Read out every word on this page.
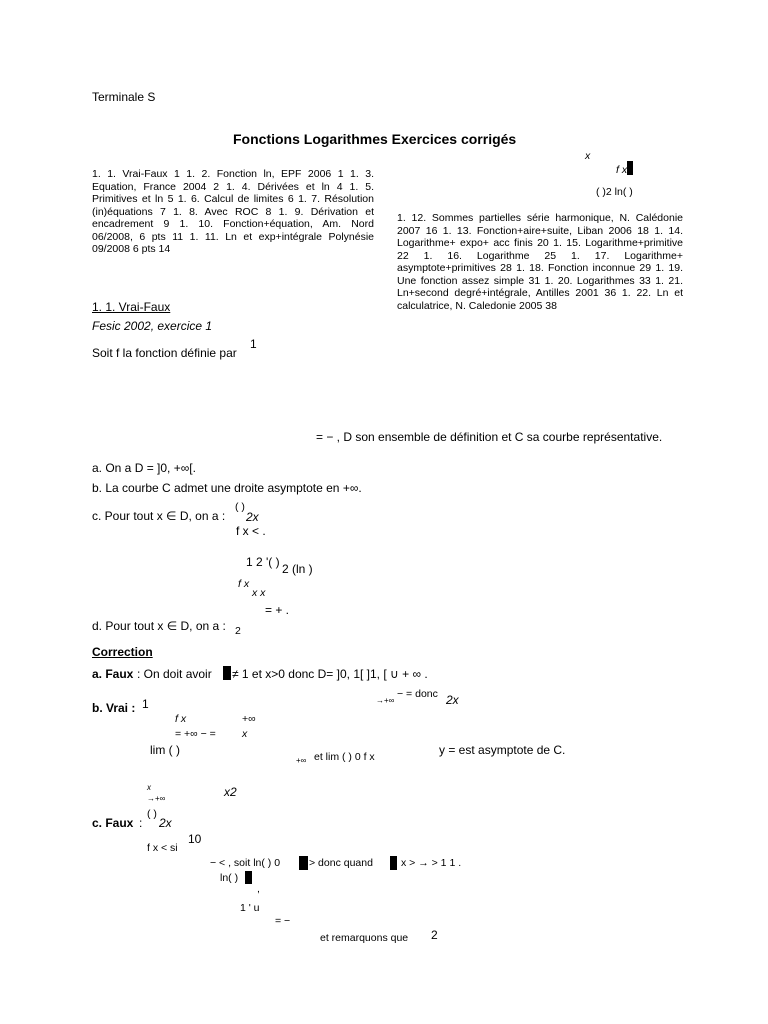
Terminale S
Fonctions Logarithmes Exercices corrigés
x
f x
( )2 ln( )
1. 1. Vrai-Faux 1 1. 2. Fonction ln, EPF 2006 1 1. 3. Equation, France 2004 2 1. 4. Dérivées et ln 4 1. 5. Primitives et ln 5 1. 6. Calcul de limites 6 1. 7. Résolution (in)équations 7 1. 8. Avec ROC 8 1. 9. Dérivation et encadrement 9 1. 10. Fonction+équation, Am. Nord 06/2008, 6 pts 11 1. 11. Ln et exp+intégrale Polynésie 09/2008 6 pts 14
1. 12. Sommes partielles série harmonique, N. Calédonie 2007 16 1. 13. Fonction+aire+suite, Liban 2006 18 1. 14. Logarithme+ expo+ acc finis 20 1. 15. Logarithme+primitive 22 1. 16. Logarithme 25 1. 17. Logarithme+ asymptote+primitives 28 1. 18. Fonction inconnue 29 1. 19. Une fonction assez simple 31 1. 20. Logarithmes 33 1. 21. Ln+second degré+intégrale, Antilles 2001 36 1. 22. Ln et calculatrice, N. Caledonie 2005 38
1. 1. Vrai-Faux
Fesic 2002, exercice 1
Soit f la fonction définie par
1
= − , D son ensemble de définition et C sa courbe représentative.
a. On a D = ]0, +∞[.
b. La courbe C admet une droite asymptote en +∞.
c. Pour tout x ∈ D, on a :
( )
2x
f x < .
1 2 '( ) 2 (ln )
f x
x x
= + .
d. Pour tout x ∈ D, on a : 2
Correction
a. Faux : On doit avoir ≠ 1 et x>0 donc D= ]0, 1[ ]1, [ ∪ + ∞ .
b. Vrai : 1	→+∞
− = donc 2x
f x	+∞
= +∞ − = x
lim ( )
+∞ et lim ( ) 0 f x	y = est asymptote de C.
x
→+∞	x2
c. Faux :
( )
2x
f x < si
10
− < , soit ln( ) 0	> donc quand	x > → > 1 1 .
ln( )
,
1 ' u
= −
et remarquons que 2
